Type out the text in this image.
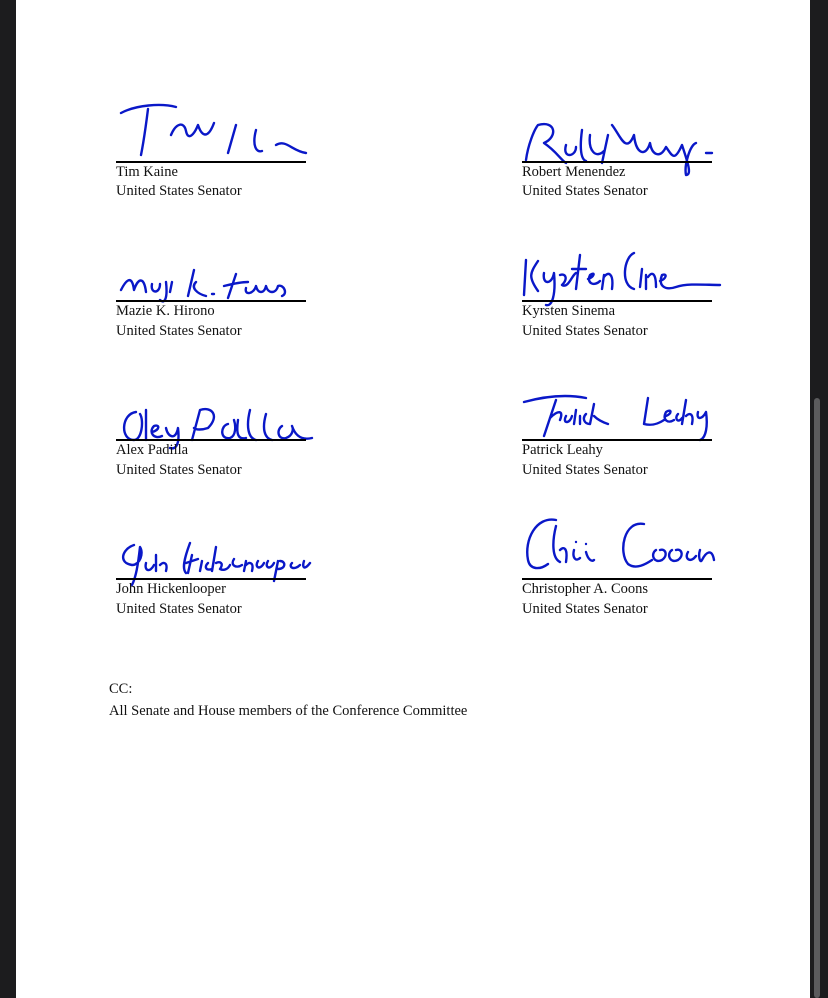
Tim Kaine
United States Senator
Robert Menendez
United States Senator
Mazie K. Hirono
United States Senator
Kyrsten Sinema
United States Senator
Alex Padilla
United States Senator
Patrick Leahy
United States Senator
John Hickenlooper
United States Senator
Christopher A. Coons
United States Senator
CC:
All Senate and House members of the Conference Committee
